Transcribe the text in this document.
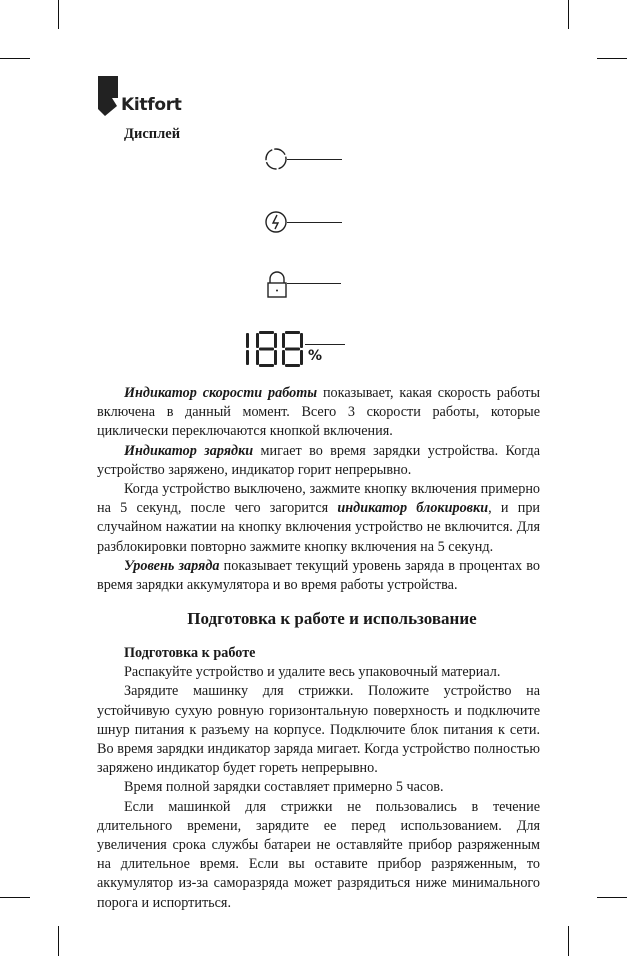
Kitfort
Дисплей
%

Индикатор скорости работы показывает, какая скорость работы включена в данный момент. Всего 3 скорости работы, которые циклически переключаются кнопкой включения.

Индикатор зарядки мигает во время зарядки устройства. Когда устройство заряжено, индикатор горит непрерывно.

Когда устройство выключено, зажмите кнопку включения примерно на 5 секунд, после чего загорится индикатор блокировки, и при случайном нажатии на кнопку включения устройство не включится. Для разблокировки повторно зажмите кнопку включения на 5 секунд.

Уровень заряда показывает текущий уровень заряда в процентах во время зарядки аккумулятора и во время работы устройства.

Подготовка к работе и использование

Подготовка к работе

Распакуйте устройство и удалите весь упаковочный материал.

Зарядите машинку для стрижки. Положите устройство на устойчивую сухую ровную горизонтальную поверхность и подключите шнур питания к разъему на корпусе. Подключите блок питания к сети. Во время зарядки индикатор заряда мигает. Когда устройство полностью заряжено индикатор будет гореть непрерывно.

Время полной зарядки составляет примерно 5 часов.

Если машинкой для стрижки не пользовались в течение длительного времени, зарядите ее перед использованием. Для увеличения срока службы батареи не оставляйте прибор разряженным на длительное время. Если вы оставите прибор разряженным, то аккумулятор из-за саморазряда может разрядиться ниже минимального порога и испортиться.
